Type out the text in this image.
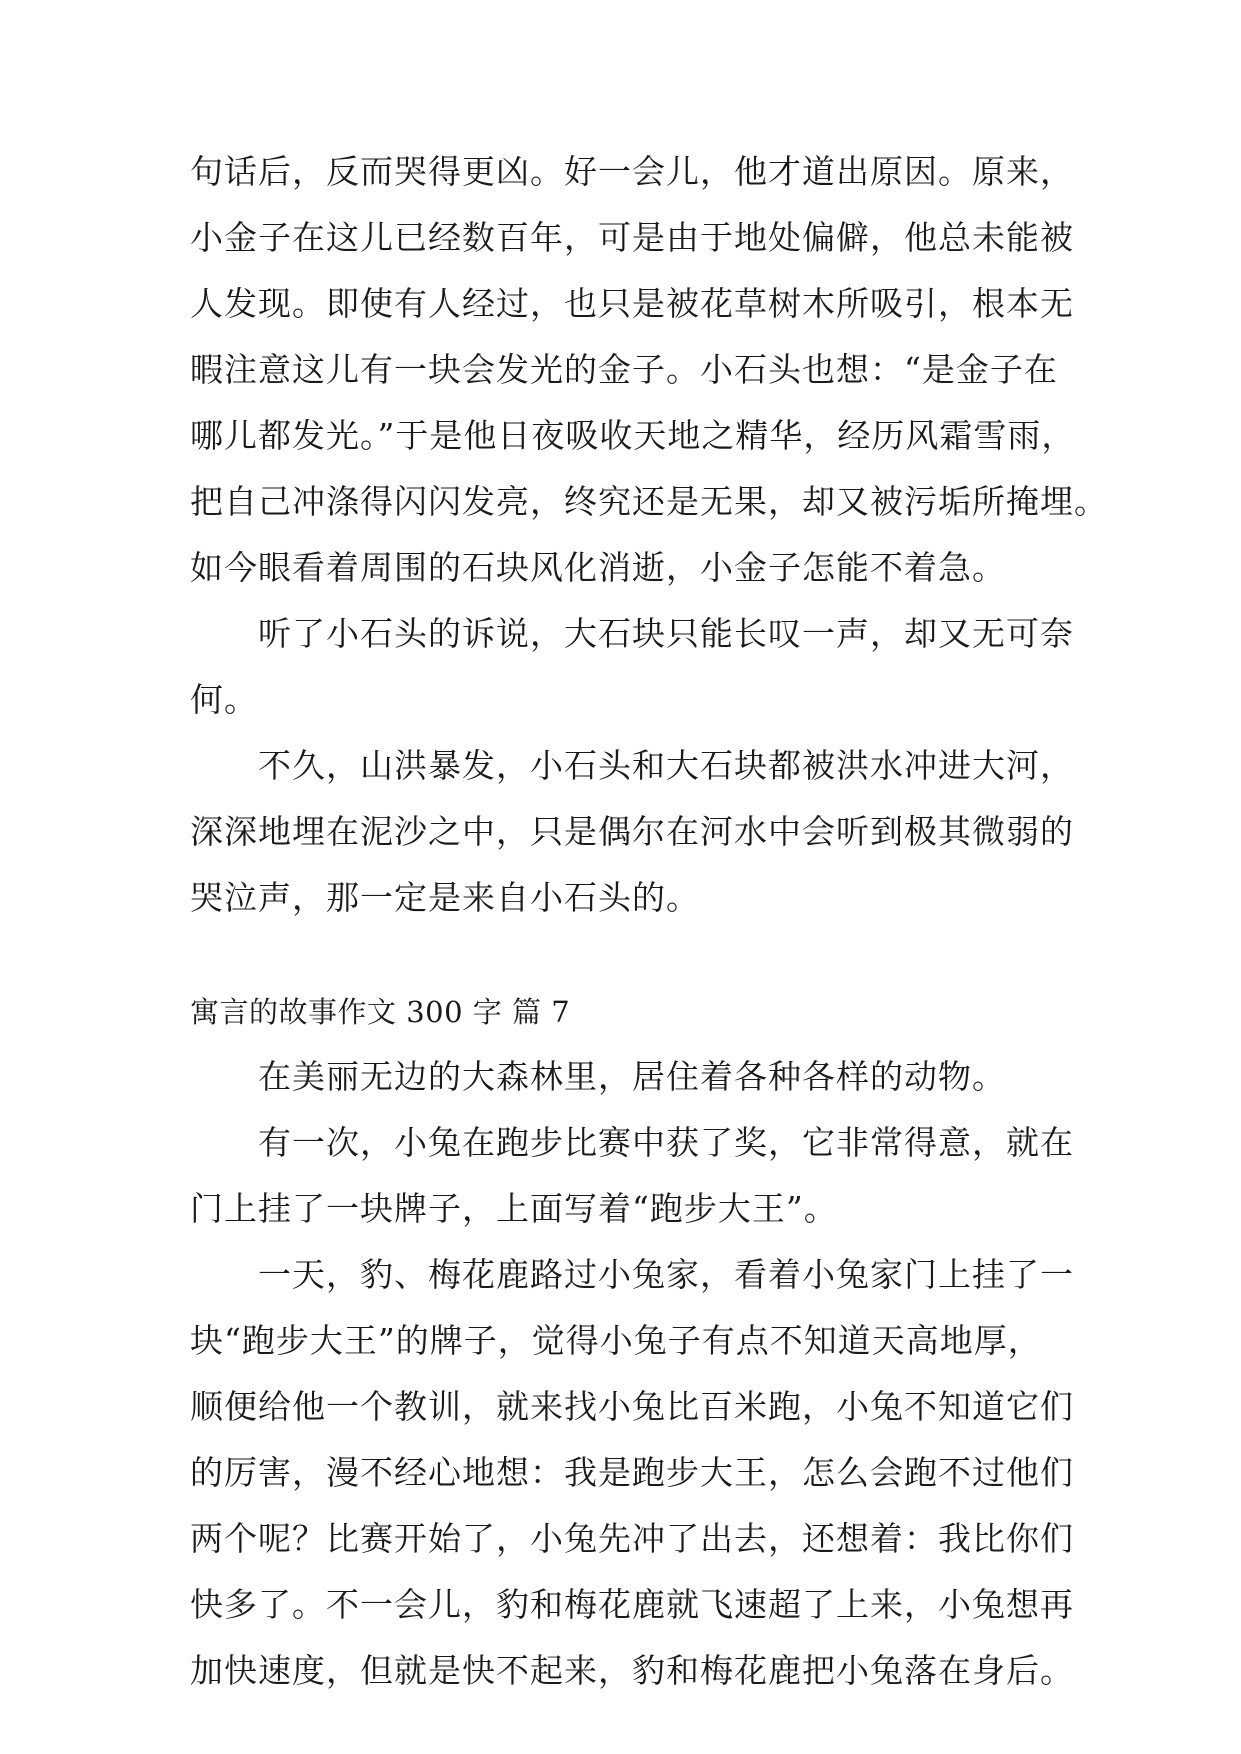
句话后，反而哭得更凶。好一会儿，他才道出原因。原来，
小金子在这儿已经数百年，可是由于地处偏僻，他总未能被
人发现。即使有人经过，也只是被花草树木所吸引，根本无
暇注意这儿有一块会发光的金子。小石头也想：“是金子在
哪儿都发光。”于是他日夜吸收天地之精华，经历风霜雪雨，
把自己冲涤得闪闪发亮，终究还是无果，却又被污垢所掩埋。
如今眼看着周围的石块风化消逝，小金子怎能不着急。
　　听了小石头的诉说，大石块只能长叹一声，却又无可奈
何。
　　不久，山洪暴发，小石头和大石块都被洪水冲进大河，
深深地埋在泥沙之中，只是偶尔在河水中会听到极其微弱的
哭泣声，那一定是来自小石头的。
寓言的故事作文 300 字 篇 7
　　在美丽无边的大森林里，居住着各种各样的动物。
　　有一次，小兔在跑步比赛中获了奖，它非常得意，就在
门上挂了一块牌子，上面写着“跑步大王”。
　　一天，豹、梅花鹿路过小兔家，看着小兔家门上挂了一
块“跑步大王”的牌子，觉得小兔子有点不知道天高地厚，
顺便给他一个教训，就来找小兔比百米跑，小兔不知道它们
的厉害，漫不经心地想：我是跑步大王，怎么会跑不过他们
两个呢？比赛开始了，小兔先冲了出去，还想着：我比你们
快多了。不一会儿，豹和梅花鹿就飞速超了上来，小兔想再
加快速度，但就是快不起来，豹和梅花鹿把小兔落在身后。
